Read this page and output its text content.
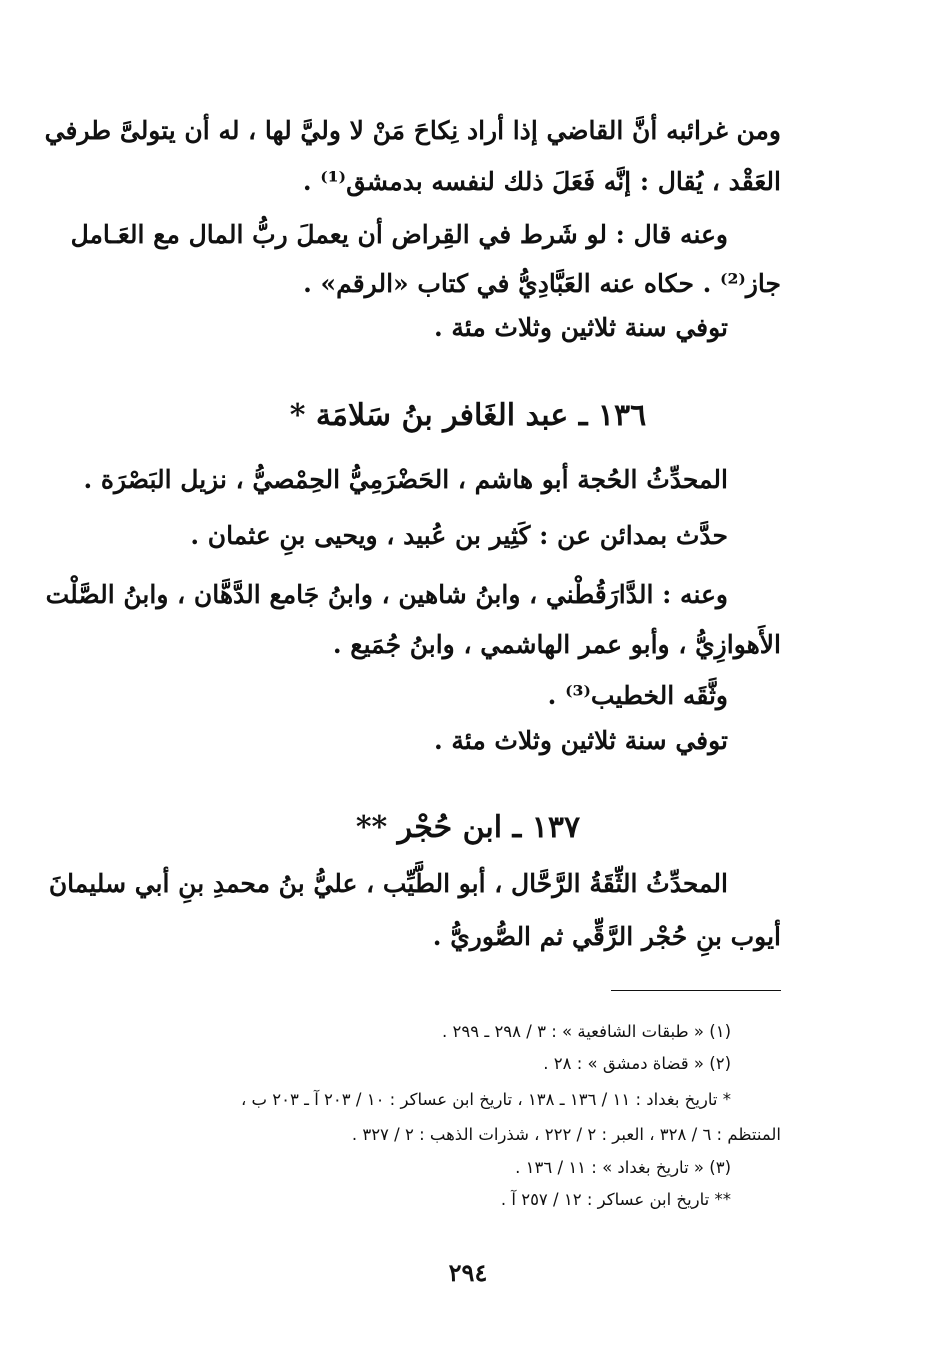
ومن غرائبه أنَّ القاضي إذا أراد نِكاحَ مَنْ لا وليَّ لها ، له أن يتولىَّ طرفي
العَقْد ، يُقال : إنَّه فَعَلَ ذلك لنفسه بدمشق⁽¹⁾ .
وعنه قال : لو شَرط في القِراض أن يعملَ ربُّ المال مع العَـامل
جاز⁽²⁾ . حكاه عنه العَبَّادِيُّ في كتاب «الرقم» .
توفي سنة ثلاثين وثلاث مئة .
١٣٦ ـ عبد الغَافر بنُ سَلامَة *
المحدِّثُ الحُجة أبو هاشم ، الحَضْرَمِيُّ الحِمْصيُّ ، نزيل البَصْرَة .
حدَّث بمدائن عن : كَثِير بن عُبيد ، ويحيى بنِ عثمان .
وعنه : الدَّارَقُطْني ، وابنُ شاهين ، وابنُ جَامع الدَّهَّان ، وابنُ الصَّلْت
الأَهوازِيُّ ، وأبو عمر الهاشمي ، وابنُ جُمَيع .
وثَّقَه الخطيب⁽³⁾ .
توفي سنة ثلاثين وثلاث مئة .
١٣٧ ـ ابن حُجْر **
المحدِّثُ الثِّقَةُ الرَّحَّال ، أبو الطَّيِّب ، عليُّ بنُ محمدِ بنِ أبي سليمانَ
أيوب بنِ حُجْر الرَّقِّي ثم الصُّوريُّ .
(١) « طبقات الشافعية » : ٣ / ٢٩٨ ـ ٢٩٩ .
(٢) « قضاة دمشق » : ٢٨ .
* تاريخ بغداد : ١١ / ١٣٦ ـ ١٣٨ ، تاريخ ابن عساكر : ١٠ / ٢٠٣ آ ـ ٢٠٣ ب ،
المنتظم : ٦ / ٣٢٨ ، العبر : ٢ / ٢٢٢ ، شذرات الذهب : ٢ / ٣٢٧ .
(٣) « تاريخ بغداد » : ١١ / ١٣٦ .
** تاريخ ابن عساكر : ١٢ / ٢٥٧ آ .
٢٩٤
